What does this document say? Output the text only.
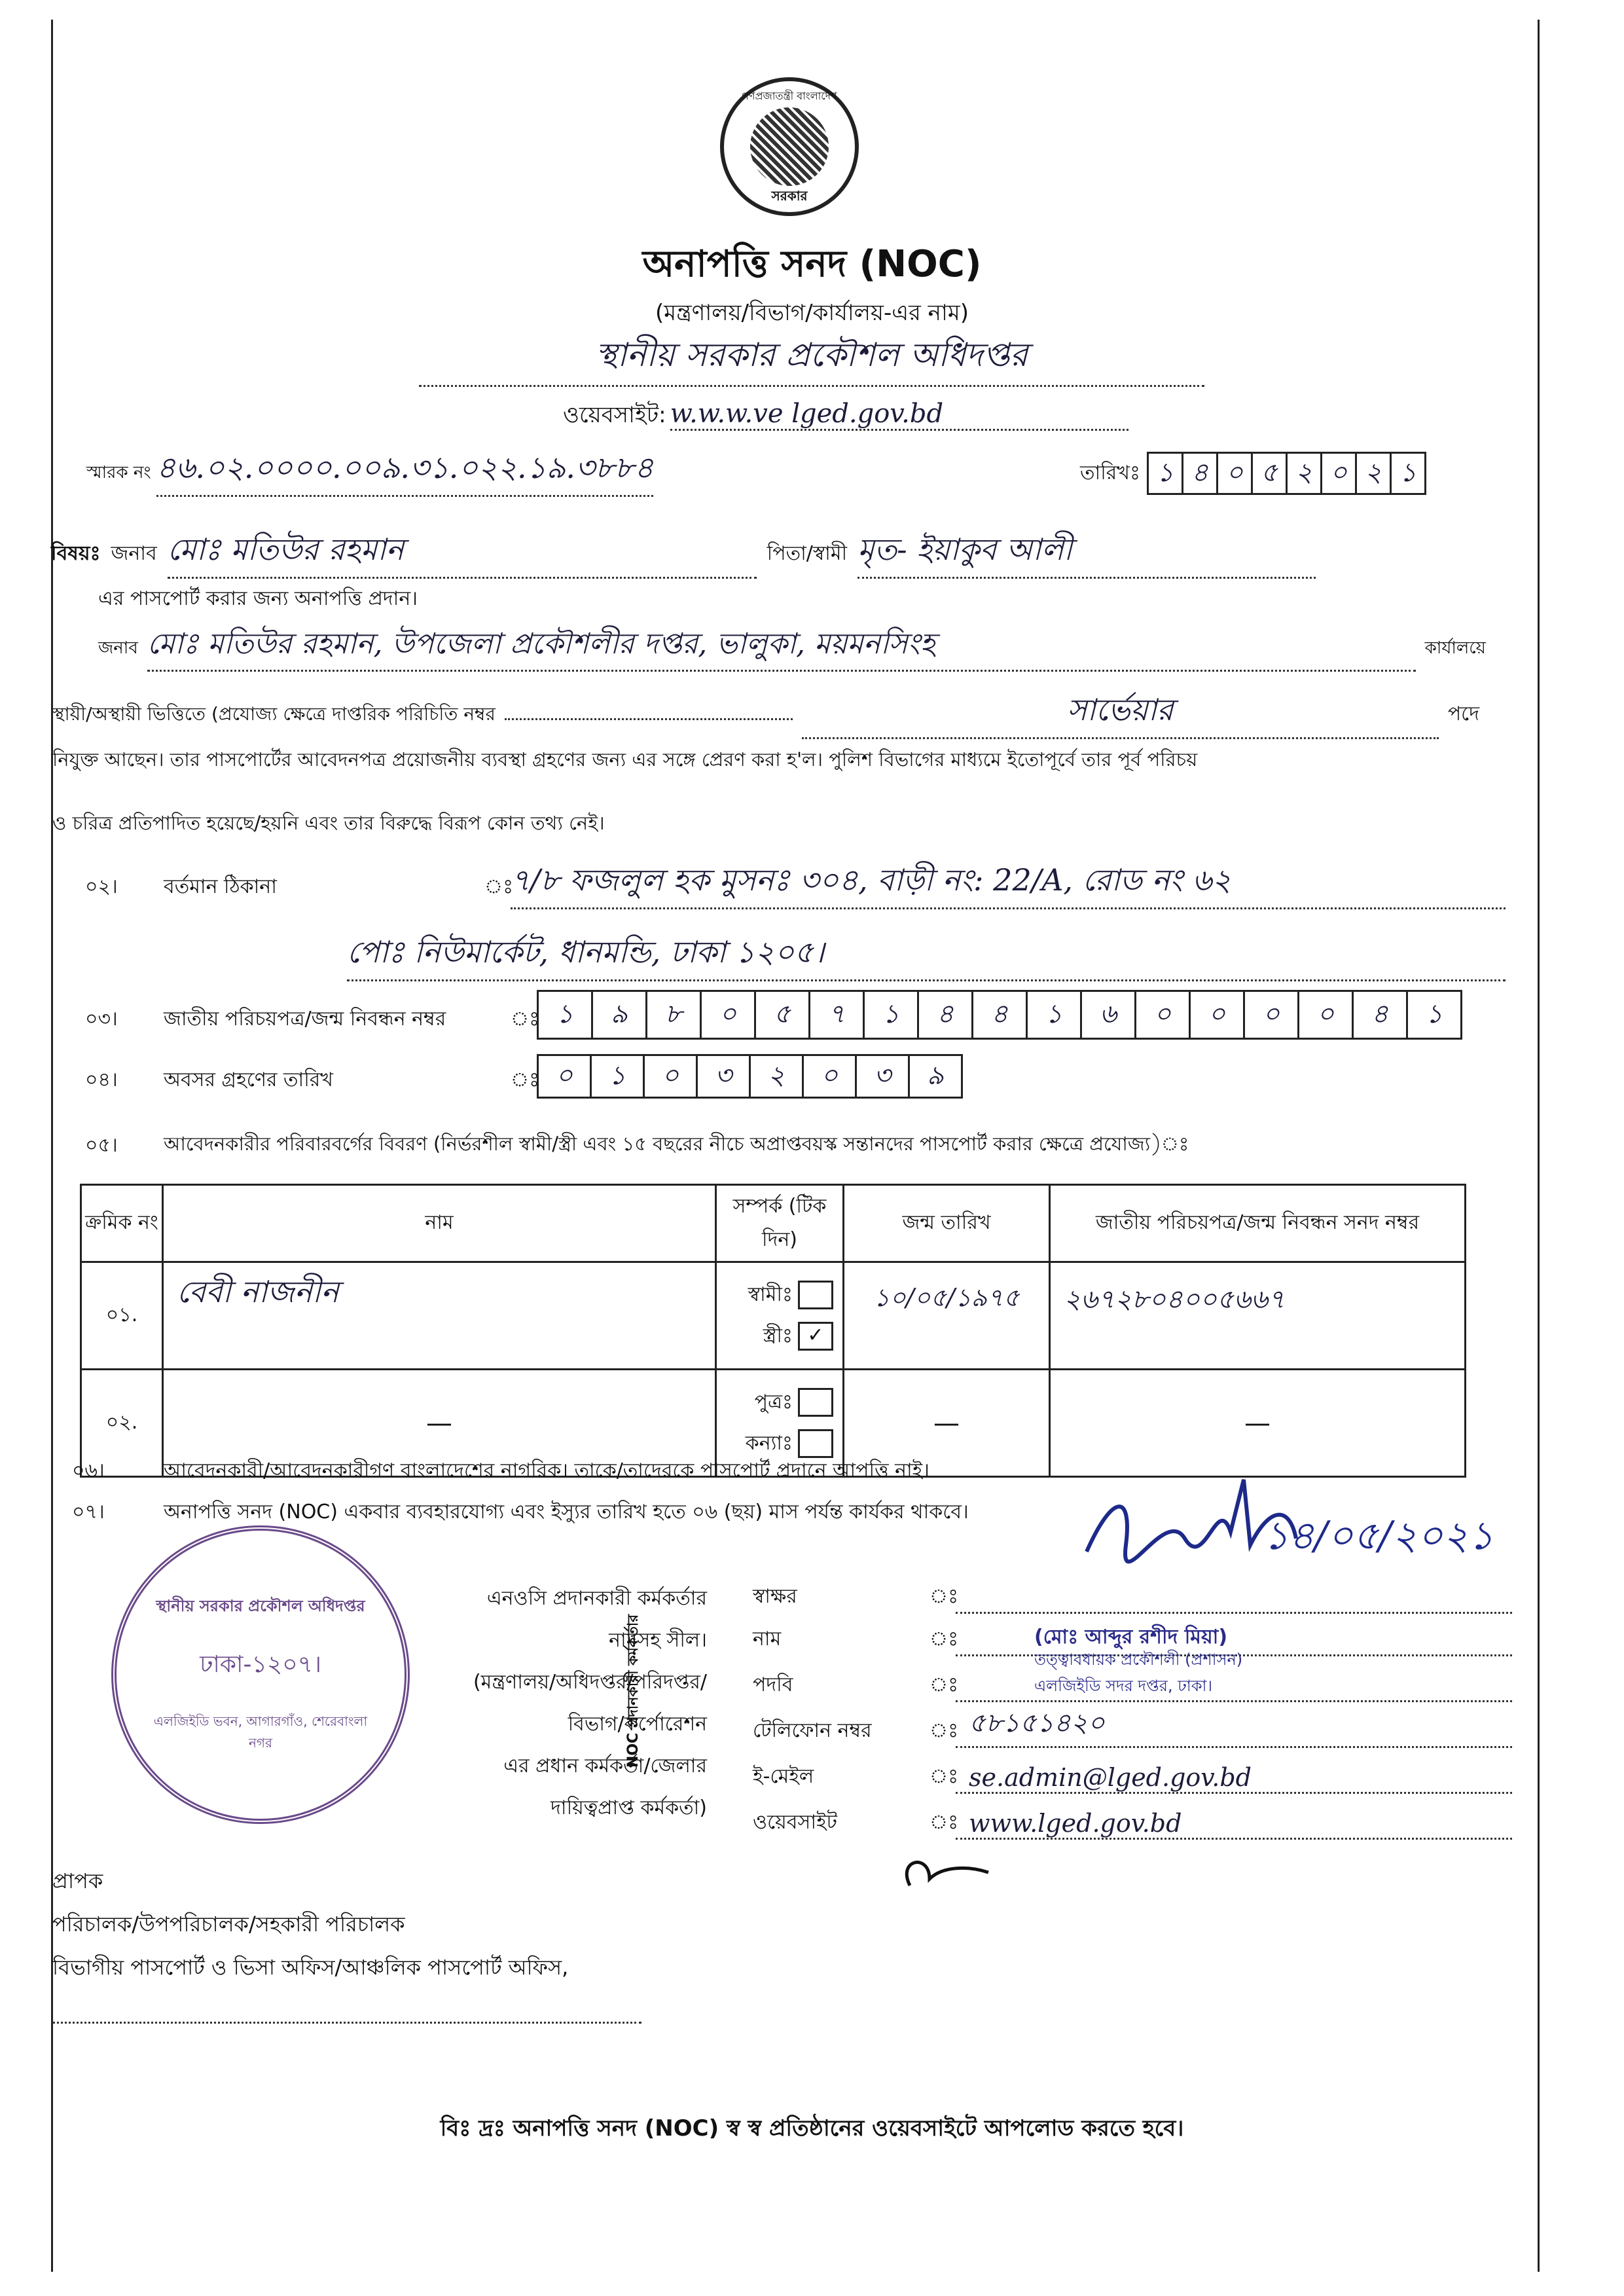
গণপ্রজাতন্ত্রী বাংলাদেশ
সরকার
অনাপত্তি সনদ (NOC)
(মন্ত্রণালয়/বিভাগ/কার্যালয়-এর নাম)
স্থানীয় সরকার প্রকৌশল অধিদপ্তর
ওয়েবসাইট: w.w.w.ve lged.gov.bd
স্মারক নং ৪৬.০২.০০০০.০০৯.৩১.০২২.১৯.৩৮৮৪	তারিখঃ ১ ৪ ০ ৫ ২ ০ ২ ১
বিষয়ঃ জনাব মোঃ মতিউর রহমান	পিতা/স্বামী মৃত- ইয়াকুব আলী
এর পাসপোর্ট করার জন্য অনাপত্তি প্রদান।
জনাব মোঃ মতিউর রহমান, উপজেলা প্রকৌশলীর দপ্তর, ভালুকা, ময়মনসিংহ	কার্যালয়ে
স্থায়ী/অস্থায়ী ভিত্তিতে (প্রযোজ্য ক্ষেত্রে দাপ্তরিক পরিচিতি নম্বর	সার্ভেয়ার	পদে
নিযুক্ত আছেন। তার পাসপোর্টের আবেদনপত্র প্রয়োজনীয় ব্যবস্থা গ্রহণের জন্য এর সঙ্গে প্রেরণ করা হ'ল। পুলিশ বিভাগের মাধ্যমে ইতোপূর্বে তার পূর্ব পরিচয়
ও চরিত্র প্রতিপাদিত হয়েছে/হয়নি এবং তার বিরুদ্ধে বিরূপ কোন তথ্য নেই।
০২। বর্তমান ঠিকানা	ঃ
৭/৮ ফজলুল হক মুসনঃ ৩০৪, বাড়ী নং: 22/A, রোড নং ৬২
পোঃ নিউমার্কেট, ধানমন্ডি, ঢাকা ১২০৫।
০৩। জাতীয় পরিচয়পত্র/জন্ম নিবন্ধন নম্বর	ঃ ১	৯	৮	০	৫	৭	১	৪	৪	১	৬	০	০	০	০	৪	১
০৪। অবসর গ্রহণের তারিখ	ঃ ০	১	০	৩	২	০	৩	৯
০৫। আবেদনকারীর পরিবারবর্গের বিবরণ (নির্ভরশীল স্বামী/স্ত্রী এবং ১৫ বছরের নীচে অপ্রাপ্তবয়স্ক সন্তানদের পাসপোর্ট করার ক্ষেত্রে প্রযোজ্য)ঃ
ক্রমিক নং	নাম	সম্পর্ক (টিক দিন)	জন্ম তারিখ	জাতীয় পরিচয়পত্র/জন্ম নিবন্ধন সনদ নম্বর
০১.	বেবী নাজনীন	স্বামীঃ
স্ত্রীঃ ✓	১০/০৫/১৯৭৫	২৬৭২৮০৪০০৫৬৬৭
০২.	—	পুত্রঃ
কন্যাঃ	—	—
০৬।	আবেদনকারী/আবেদনকারীগণ বাংলাদেশের নাগরিক। তাকে/তাদেরকে পাসপোর্ট প্রদানে আপত্তি নাই।
০৭।	অনাপত্তি সনদ (NOC) একবার ব্যবহারযোগ্য এবং ইস্যুর তারিখ হতে ০৬ (ছয়) মাস পর্যন্ত কার্যকর থাকবে।
স্থানীয় সরকার প্রকৌশল অধিদপ্তর
ঢাকা-১২০৭।
এলজিইডি ভবন, আগারগাঁও, শেরেবাংলা নগর
এনওসি প্রদানকারী কর্মকর্তার
নামসহ সীল।
(মন্ত্রণালয়/অধিদপ্তর/পরিদপ্তর/
বিভাগ/কর্পোরেশন
এর প্রধান কর্মকর্তা/জেলার
দায়িত্বপ্রাপ্ত কর্মকর্তা)
NOC প্রদানকারী কর্মকর্তার
স্বাক্ষর	ঃ
নাম	ঃ	(মোঃ আব্দুর রশীদ মিয়া)
পদবি	ঃ
তত্ত্বাবধায়ক প্রকৌশলী (প্রশাসন)
এলজিইডি সদর দপ্তর, ঢাকা।
টেলিফোন নম্বর	ঃ ৫৮১৫১৪২০
ই-মেইল	ঃ se.admin@lged.gov.bd
ওয়েবসাইট	ঃ www.lged.gov.bd
১৪/০৫/২০২১
প্রাপক
পরিচালক/উপপরিচালক/সহকারী পরিচালক
বিভাগীয় পাসপোর্ট ও ভিসা অফিস/আঞ্চলিক পাসপোর্ট অফিস,
বিঃ দ্রঃ অনাপত্তি সনদ (NOC) স্ব স্ব প্রতিষ্ঠানের ওয়েবসাইটে আপলোড করতে হবে।
